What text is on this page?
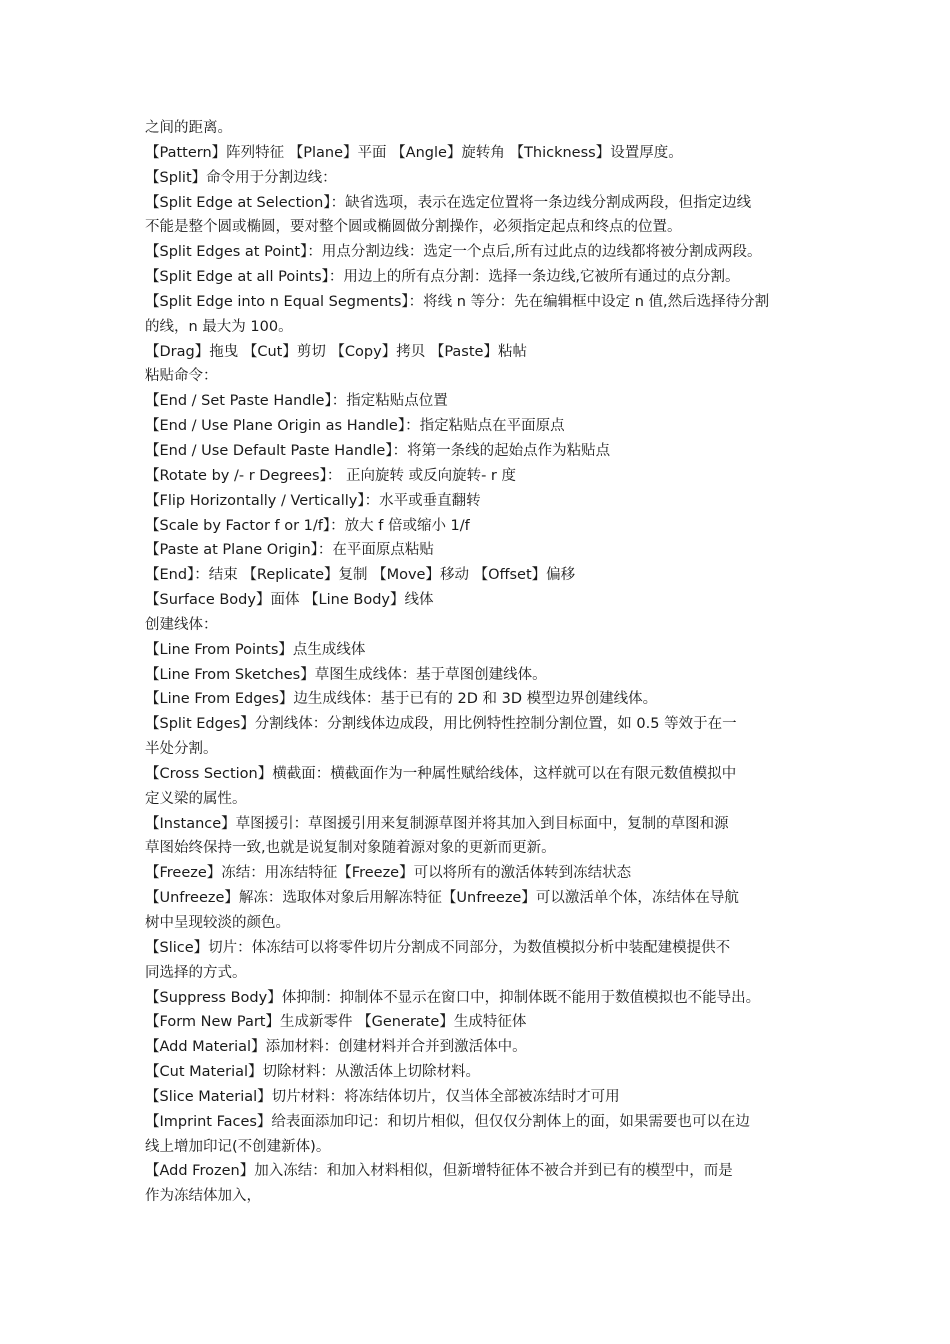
之间的距离。
【Pattern】阵列特征 【Plane】平面 【Angle】旋转角 【Thickness】设置厚度。
【Split】命令用于分割边线：
【Split Edge at Selection】：缺省选项，表示在选定位置将一条边线分割成两段，但指定边线
不能是整个圆或椭圆，要对整个圆或椭圆做分割操作，必须指定起点和终点的位置。
【Split Edges at Point】：用点分割边线：选定一个点后,所有过此点的边线都将被分割成两段。
【Split Edge at all Points】：用边上的所有点分割：选择一条边线,它被所有通过的点分割。
【Split Edge into n Equal Segments】：将线 n 等分：先在编辑框中设定 n 值,然后选择待分割
的线，n 最大为 100。
【Drag】拖曳 【Cut】剪切 【Copy】拷贝 【Paste】粘帖
粘贴命令：
【End / Set Paste Handle】：指定粘贴点位置
【End / Use Plane Origin as Handle】：指定粘贴点在平面原点
【End / Use Default Paste Handle】：将第一条线的起始点作为粘贴点
【Rotate by /- r Degrees】： 正向旋转 或反向旋转- r 度
【Flip Horizontally / Vertically】：水平或垂直翻转
【Scale by Factor f or 1/f】：放大 f 倍或缩小 1/f
【Paste at Plane Origin】：在平面原点粘贴
【End】：结束 【Replicate】复制 【Move】移动 【Offset】偏移
【Surface Body】面体 【Line Body】线体
创建线体：
【Line From Points】点生成线体
【Line From Sketches】草图生成线体：基于草图创建线体。
【Line From Edges】边生成线体：基于已有的 2D 和 3D 模型边界创建线体。
【Split Edges】分割线体：分割线体边成段，用比例特性控制分割位置，如 0.5 等效于在一
半处分割。
【Cross Section】横截面：横截面作为一种属性赋给线体，这样就可以在有限元数值模拟中
定义梁的属性。
【Instance】草图援引：草图援引用来复制源草图并将其加入到目标面中，复制的草图和源
草图始终保持一致,也就是说复制对象随着源对象的更新而更新。
【Freeze】冻结：用冻结特征【Freeze】可以将所有的激活体转到冻结状态
【Unfreeze】解冻：选取体对象后用解冻特征【Unfreeze】可以激活单个体，冻结体在导航
树中呈现较淡的颜色。
【Slice】切片：体冻结可以将零件切片分割成不同部分，为数值模拟分析中装配建模提供不
同选择的方式。
【Suppress Body】体抑制：抑制体不显示在窗口中，抑制体既不能用于数值模拟也不能导出。
【Form New Part】生成新零件 【Generate】生成特征体
【Add Material】添加材料：创建材料并合并到激活体中。
【Cut Material】切除材料：从激活体上切除材料。
【Slice Material】切片材料：将冻结体切片，仅当体全部被冻结时才可用
【Imprint Faces】给表面添加印记：和切片相似，但仅仅分割体上的面，如果需要也可以在边
线上增加印记(不创建新体)。
【Add Frozen】加入冻结：和加入材料相似，但新增特征体不被合并到已有的模型中，而是
作为冻结体加入，
